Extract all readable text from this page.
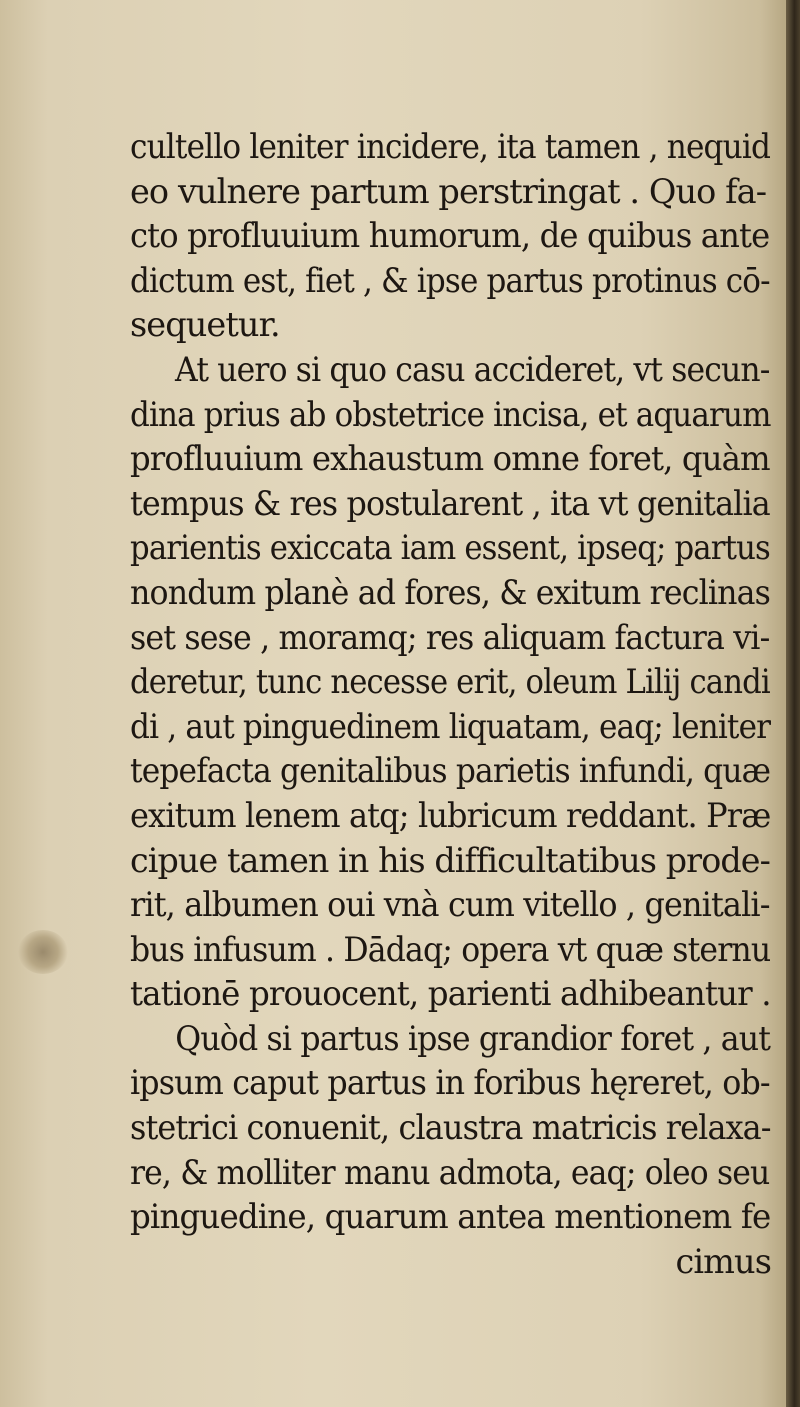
cultello leniter incidere, ita tamen , nequid
eo vulnere partum perstringat . Quo fa-
cto profluuium humorum, de quibus ante
dictum est, fiet , & ipse partus protinus cō-
sequetur.
At uero si quo casu accideret, vt secun-
dina prius ab obstetrice incisa, et aquarum
profluuium exhaustum omne foret, quàm
tempus & res postularent , ita vt genitalia
parientis exiccata iam essent, ipseq; partus
nondum planè ad fores, & exitum reclinas
set sese , moramq; res aliquam factura vi-
deretur, tunc necesse erit, oleum Lilij candi
di , aut pinguedinem liquatam, eaq; leniter
tepefacta genitalibus parietis infundi, quæ
exitum lenem atq; lubricum reddant. Præ
cipue tamen in his difficultatibus prode-
rit, albumen oui vnà cum vitello , genitali-
bus infusum . Dādaq; opera vt quæ sternu
tationē prouocent, parienti adhibeantur .
Quòd si partus ipse grandior foret , aut
ipsum caput partus in foribus hęreret, ob-
stetrici conuenit, claustra matricis relaxa-
re, & molliter manu admota, eaq; oleo seu
pinguedine, quarum antea mentionem fe
cimus
